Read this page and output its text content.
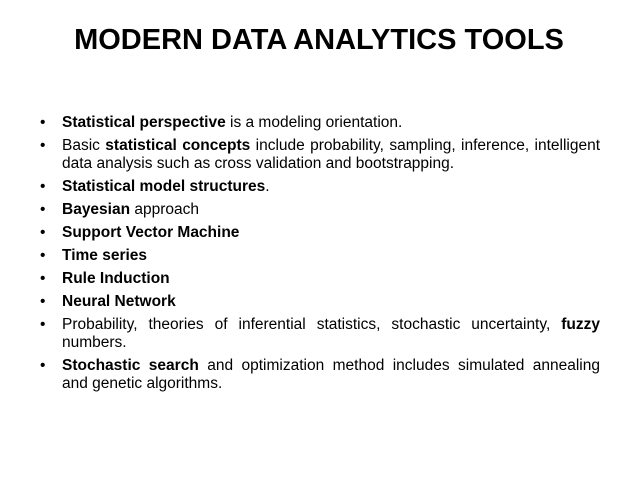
MODERN DATA ANALYTICS TOOLS
•	Statistical perspective is a modeling orientation.
•	Basic statistical concepts include probability, sampling, inference, intelligent data analysis such as cross validation and bootstrapping.
•	Statistical model structures.
•	Bayesian approach
•	Support Vector Machine
•	Time series
•	Rule Induction
•	Neural Network
•	Probability, theories of inferential statistics, stochastic uncertainty, fuzzy numbers.
•	Stochastic search and optimization method includes simulated annealing and genetic algorithms.
